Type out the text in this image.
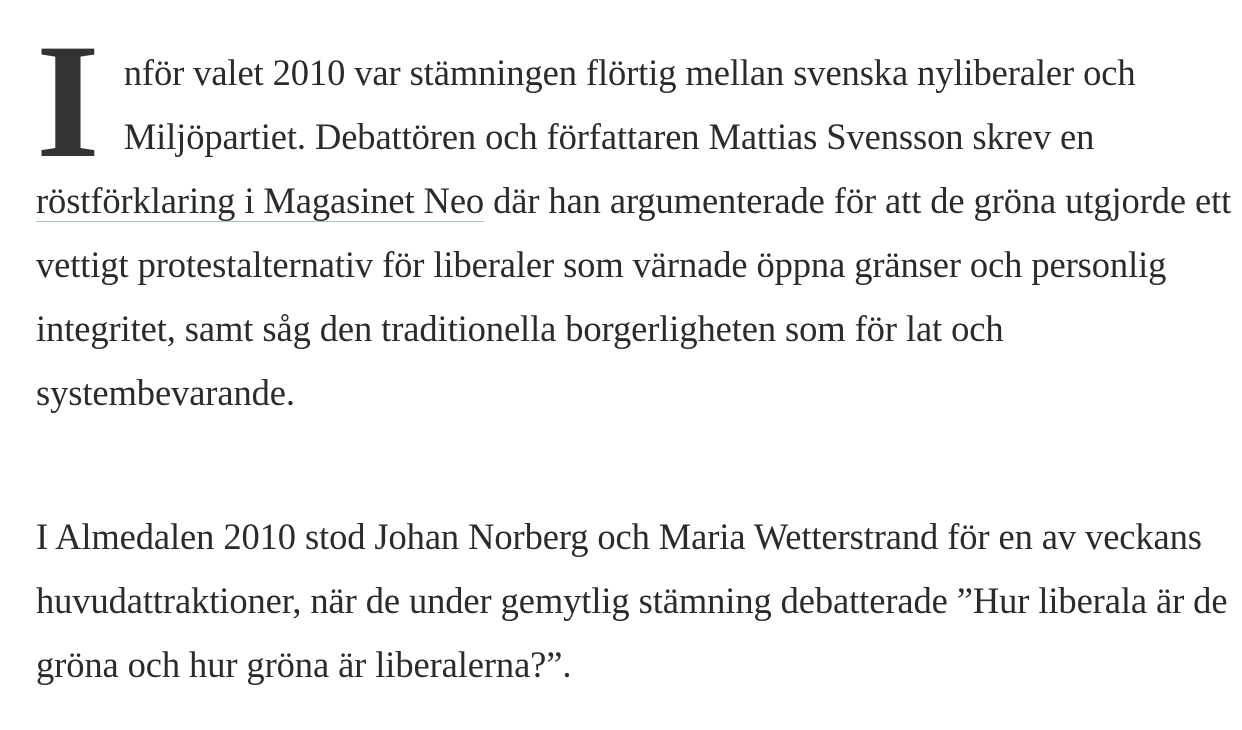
Inför valet 2010 var stämningen flörtig mellan svenska nyliberaler och Miljöpartiet. Debattören och författaren Mattias Svensson skrev en röstförklaring i Magasinet Neo där han argumenterade för att de gröna utgjorde ett vettigt protestalternativ för liberaler som värnade öppna gränser och personlig integritet, samt såg den traditionella borgerligheten som för lat och systembevarande.

I Almedalen 2010 stod Johan Norberg och Maria Wetterstrand för en av veckans huvudattraktioner, när de under gemytlig stämning debatterade ”Hur liberala är de gröna och hur gröna är liberalerna?”.
